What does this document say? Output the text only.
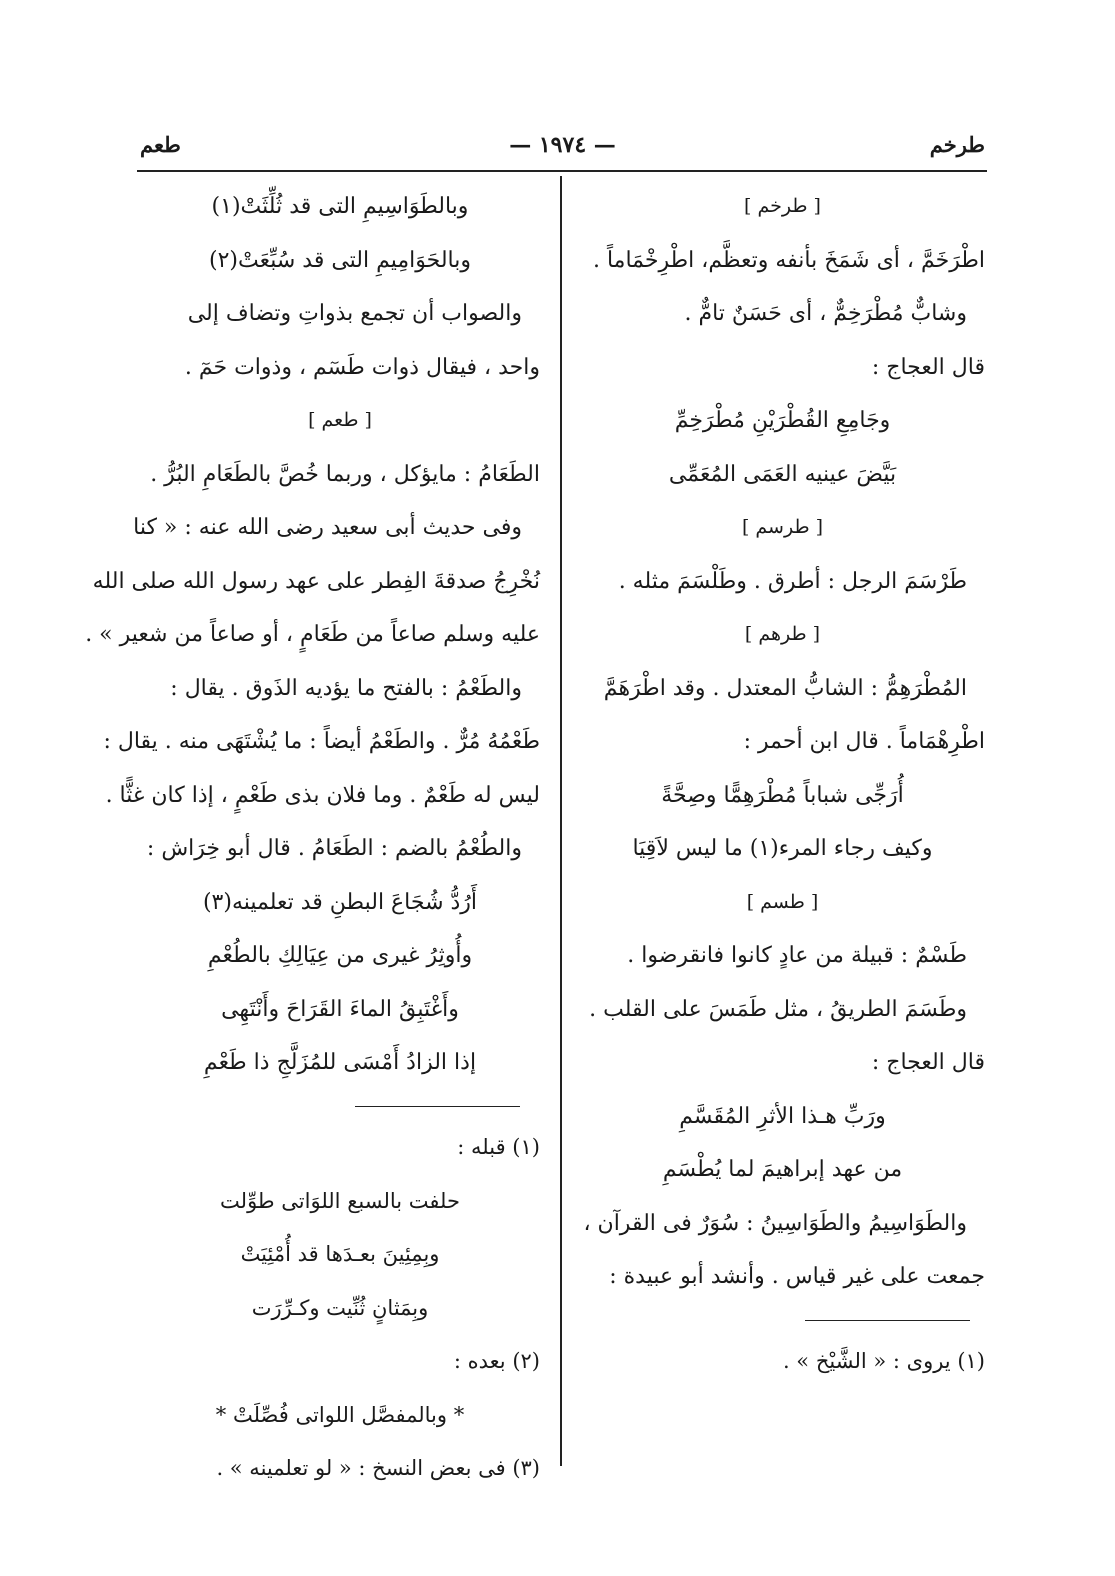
طرخم
— ١٩٧٤ —
طعم
[ طرخم ]
اطْرَخَمَّ ، أى شَمَخَ بأنفه وتعظَّم، اطْرِخْمَاماً .
وشابٌّ مُطْرَخِمٌّ ، أى حَسَنٌ تامٌّ .
قال العجاج :
وجَامِعِ القُطْرَيْنِ مُطْرَخِمِّ
بَيَّضَ عينيه العَمَى المُعَمِّى
[ طرسم ]
طَرْسَمَ الرجل : أطرق . وطَلْسَمَ مثله .
[ طرهم ]
المُطْرَهِمُّ : الشابُّ المعتدل . وقد اطْرَهَمَّ
اطْرِهْمَاماً . قال ابن أحمر :
أُرَجِّى شباباً مُطْرَهِمًّا وصِحَّةً
وكيف رجاء المرء(١) ما ليس لاَقِيَا
[ طسم ]
طَسْمٌ : قبيلة من عادٍ كانوا فانقرضوا .
وطَسَمَ الطريقُ ، مثل طَمَسَ على القلب .
قال العجاج :
ورَبِّ هـذا الأثرِ المُقَسَّمِ
من عهد إبراهيمَ لما يُطْسَمِ
والطَوَاسِيمُ والطَوَاسِينُ : سُوَرٌ فى القرآن ،
جمعت على غير قياس . وأنشد أبو عبيدة :
(١) يروى : « الشَّيْخ » .
وبالطَوَاسِيمِ التى قد ثُلِّثَتْ(١)
وبالحَوَامِيمِ التى قد سُبِّعَتْ(٢)
والصواب أن تجمع بذواتِ وتضاف إلى
واحد ، فيقال ذوات طَسٓم ، وذوات حَمٓ .
[ طعم ]
الطَعَامُ : مايؤكل ، وربما خُصَّ بالطَعَامِ البُرُّ .
وفى حديث أبى سعيد رضى الله عنه : « كنا
نُخْرِجُ صدقةَ الفِطر على عهد رسول الله صلى الله
عليه وسلم صاعاً من طَعَامٍ ، أو صاعاً من شعير » .
والطَعْمُ : بالفتح ما يؤديه الذَوق . يقال :
طَعْمُهُ مُرٌّ . والطَعْمُ أيضاً : ما يُشْتَهَى منه . يقال :
ليس له طَعْمٌ . وما فلان بذى طَعْمٍ ، إذا كان غثًّا .
والطُعْمُ بالضم : الطَعَامُ . قال أبو خِرَاش :
أَرُدُّ شُجَاعَ البطنِ قد تعلمينه(٣)
وأُوثِرُ غيرى من عِيَالِكِ بالطُعْمِ
وأَغْتَبِقُ الماءَ القَرَاحَ وأَنْتَهِى
إذا الزادُ أَمْسَى للمُزَلَّجِ ذا طَعْمِ
(١) قبله :
حلفت بالسبع اللوَاتى طوِّلت
وبِمِئِينَ بعـدَها قد أُمْئِيَتْ
وبِمَثانٍ ثُنِّيت وكـرِّرَت
(٢) بعده :
* وبالمفصَّل اللواتى فُصِّلَتْ *
(٣) فى بعض النسخ : « لو تعلمينه » .
